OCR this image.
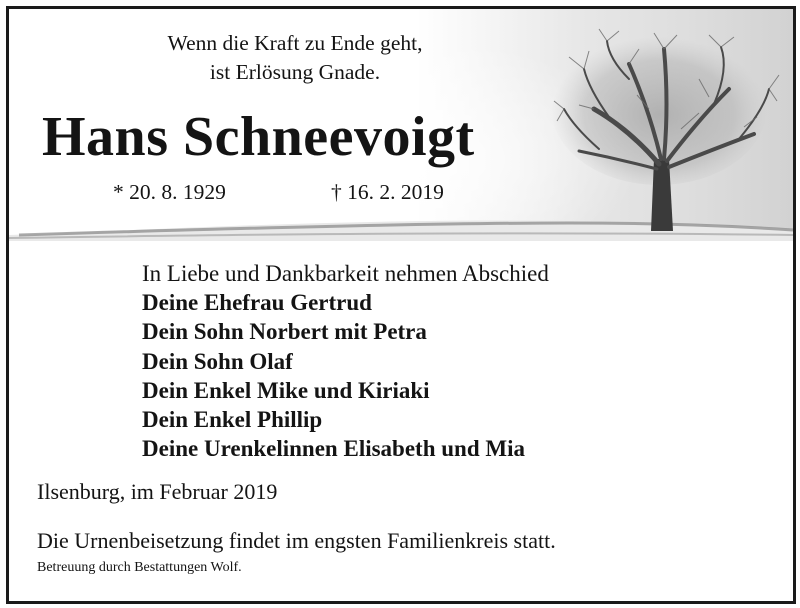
Wenn die Kraft zu Ende geht,
ist Erlösung Gnade.
Hans Schneevoigt
* 20. 8. 1929	† 16. 2. 2019
In Liebe und Dankbarkeit nehmen Abschied
Deine Ehefrau Gertrud
Dein Sohn Norbert mit Petra
Dein Sohn Olaf
Dein Enkel Mike und Kiriaki
Dein Enkel Phillip
Deine Urenkelinnen Elisabeth und Mia
Ilsenburg, im Februar 2019
Die Urnenbeisetzung findet im engsten Familienkreis statt.
Betreuung durch Bestattungen Wolf.
